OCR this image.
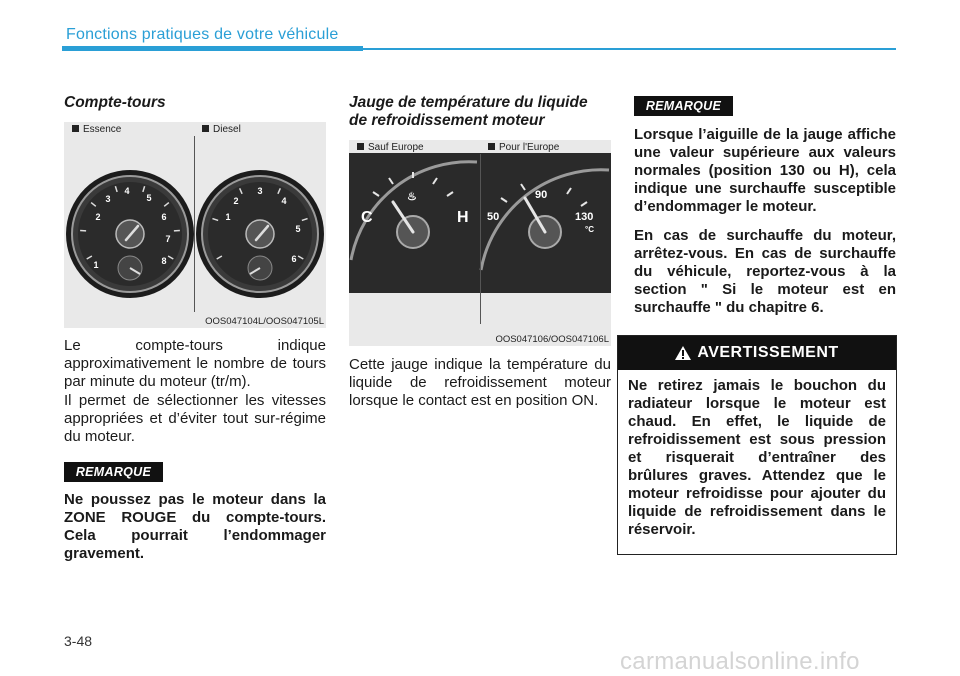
Fonctions pratiques de votre véhicule
Compte-tours
2
3
4
5
6
7
8
1
1
2
3
4
5
6
Essence	Diesel
OOS047104L/OOS047105L
Le compte-tours indique approximativement le nombre de tours par minute du moteur (tr/m).
Il permet de sélectionner les vitesses appropriées et d’éviter tout sur-régime du moteur.
REMARQUE
Ne poussez pas le moteur dans la ZONE ROUGE du compte-tours. Cela pourrait l’endommager gravement.
Jauge de température du liquide
de refroidissement moteur
C	H
♨
50
90
130
°C
Sauf Europe	Pour l'Europe
OOS047106/OOS047106L
Cette jauge indique la température du liquide de refroidissement moteur lorsque le contact est en position ON.
REMARQUE
Lorsque l’aiguille de la jauge affiche une valeur supérieure aux valeurs normales (position 130 ou H), cela indique une surchauffe susceptible d’endommager le moteur.
En cas de surchauffe du moteur, arrêtez-vous. En cas de surchauffe du véhicule, reportez-vous à la section " Si le moteur est en surchauffe " du chapitre 6.
AVERTISSEMENT
Ne retirez jamais le bouchon du radiateur lorsque le moteur est chaud. En effet, le liquide de refroidissement est sous pression et risquerait d’entraîner des brûlures graves. Attendez que le moteur refroidisse pour ajouter du liquide de refroidissement dans le réservoir.
3-48
carmanualsonline.info
